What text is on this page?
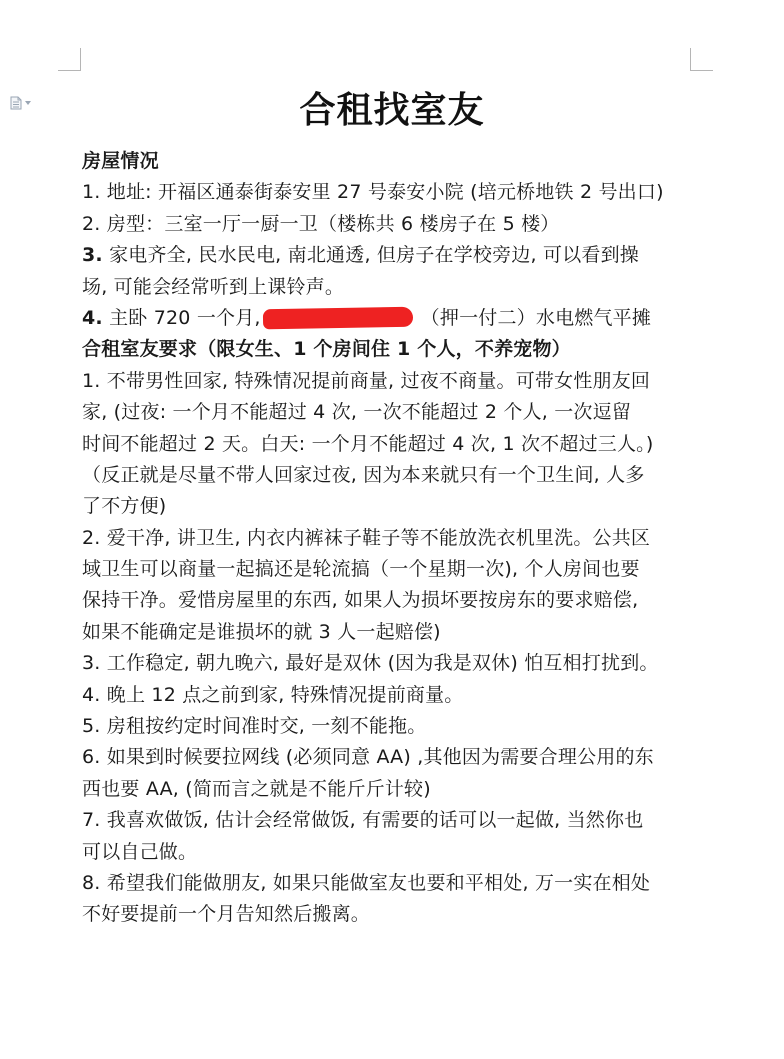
合租找室友
房屋情况
1. 地址: 开福区通泰街泰安里 27 号泰安小院 (培元桥地铁 2 号出口)
2. 房型：三室一厅一厨一卫（楼栋共 6 楼房子在 5 楼）
3. 家电齐全, 民水民电, 南北通透, 但房子在学校旁边, 可以看到操
场, 可能会经常听到上课铃声。
4. 主卧 720 一个月,	（押一付二）水电燃气平摊
合租室友要求（限女生、1 个房间住 1 个人，不养宠物）
1. 不带男性回家, 特殊情况提前商量, 过夜不商量。可带女性朋友回
家, (过夜: 一个月不能超过 4 次, 一次不能超过 2 个人, 一次逗留
时间不能超过 2 天。白天: 一个月不能超过 4 次, 1 次不超过三人。)
（反正就是尽量不带人回家过夜, 因为本来就只有一个卫生间, 人多
了不方便)
2. 爱干净, 讲卫生, 内衣内裤袜子鞋子等不能放洗衣机里洗。公共区
域卫生可以商量一起搞还是轮流搞（一个星期一次), 个人房间也要
保持干净。爱惜房屋里的东西, 如果人为损坏要按房东的要求赔偿,
如果不能确定是谁损坏的就 3 人一起赔偿)
3. 工作稳定, 朝九晚六, 最好是双休 (因为我是双休) 怕互相打扰到。
4. 晚上 12 点之前到家, 特殊情况提前商量。
5. 房租按约定时间准时交, 一刻不能拖。
6. 如果到时候要拉网线 (必须同意 AA) ,其他因为需要合理公用的东
西也要 AA, (简而言之就是不能斤斤计较)
7. 我喜欢做饭, 估计会经常做饭, 有需要的话可以一起做, 当然你也
可以自己做。
8. 希望我们能做朋友, 如果只能做室友也要和平相处, 万一实在相处
不好要提前一个月告知然后搬离。
